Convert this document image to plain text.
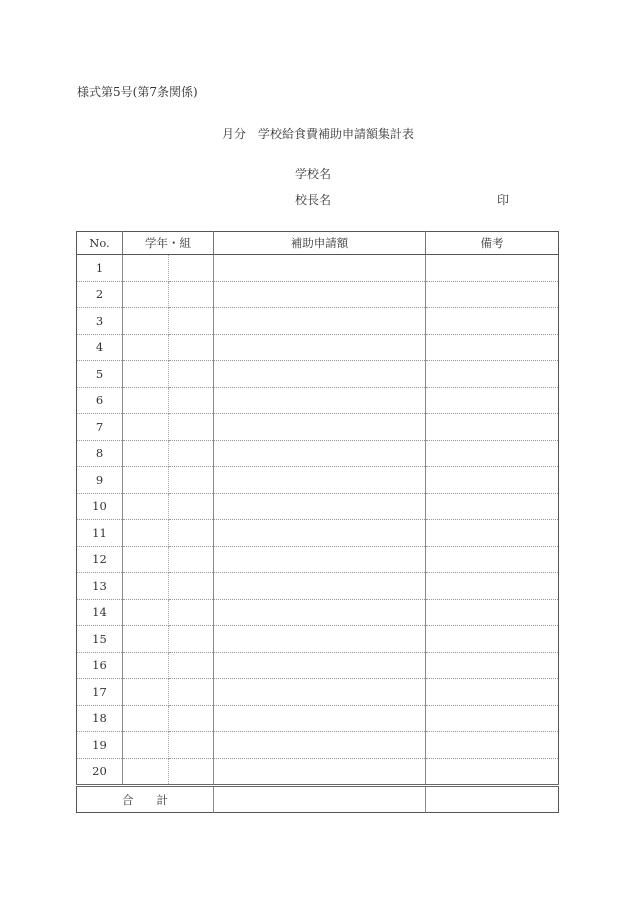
様式第5号(第7条関係)
月分　学校給食費補助申請額集計表
学校名
校長名	印
No.	学年・組		補助申請額	備考
1				
2				
3				
4				
5				
6				
7				
8				
9				
10				
11				
12				
13				
14				
15				
16				
17				
18				
19				
20				
合　　計				
